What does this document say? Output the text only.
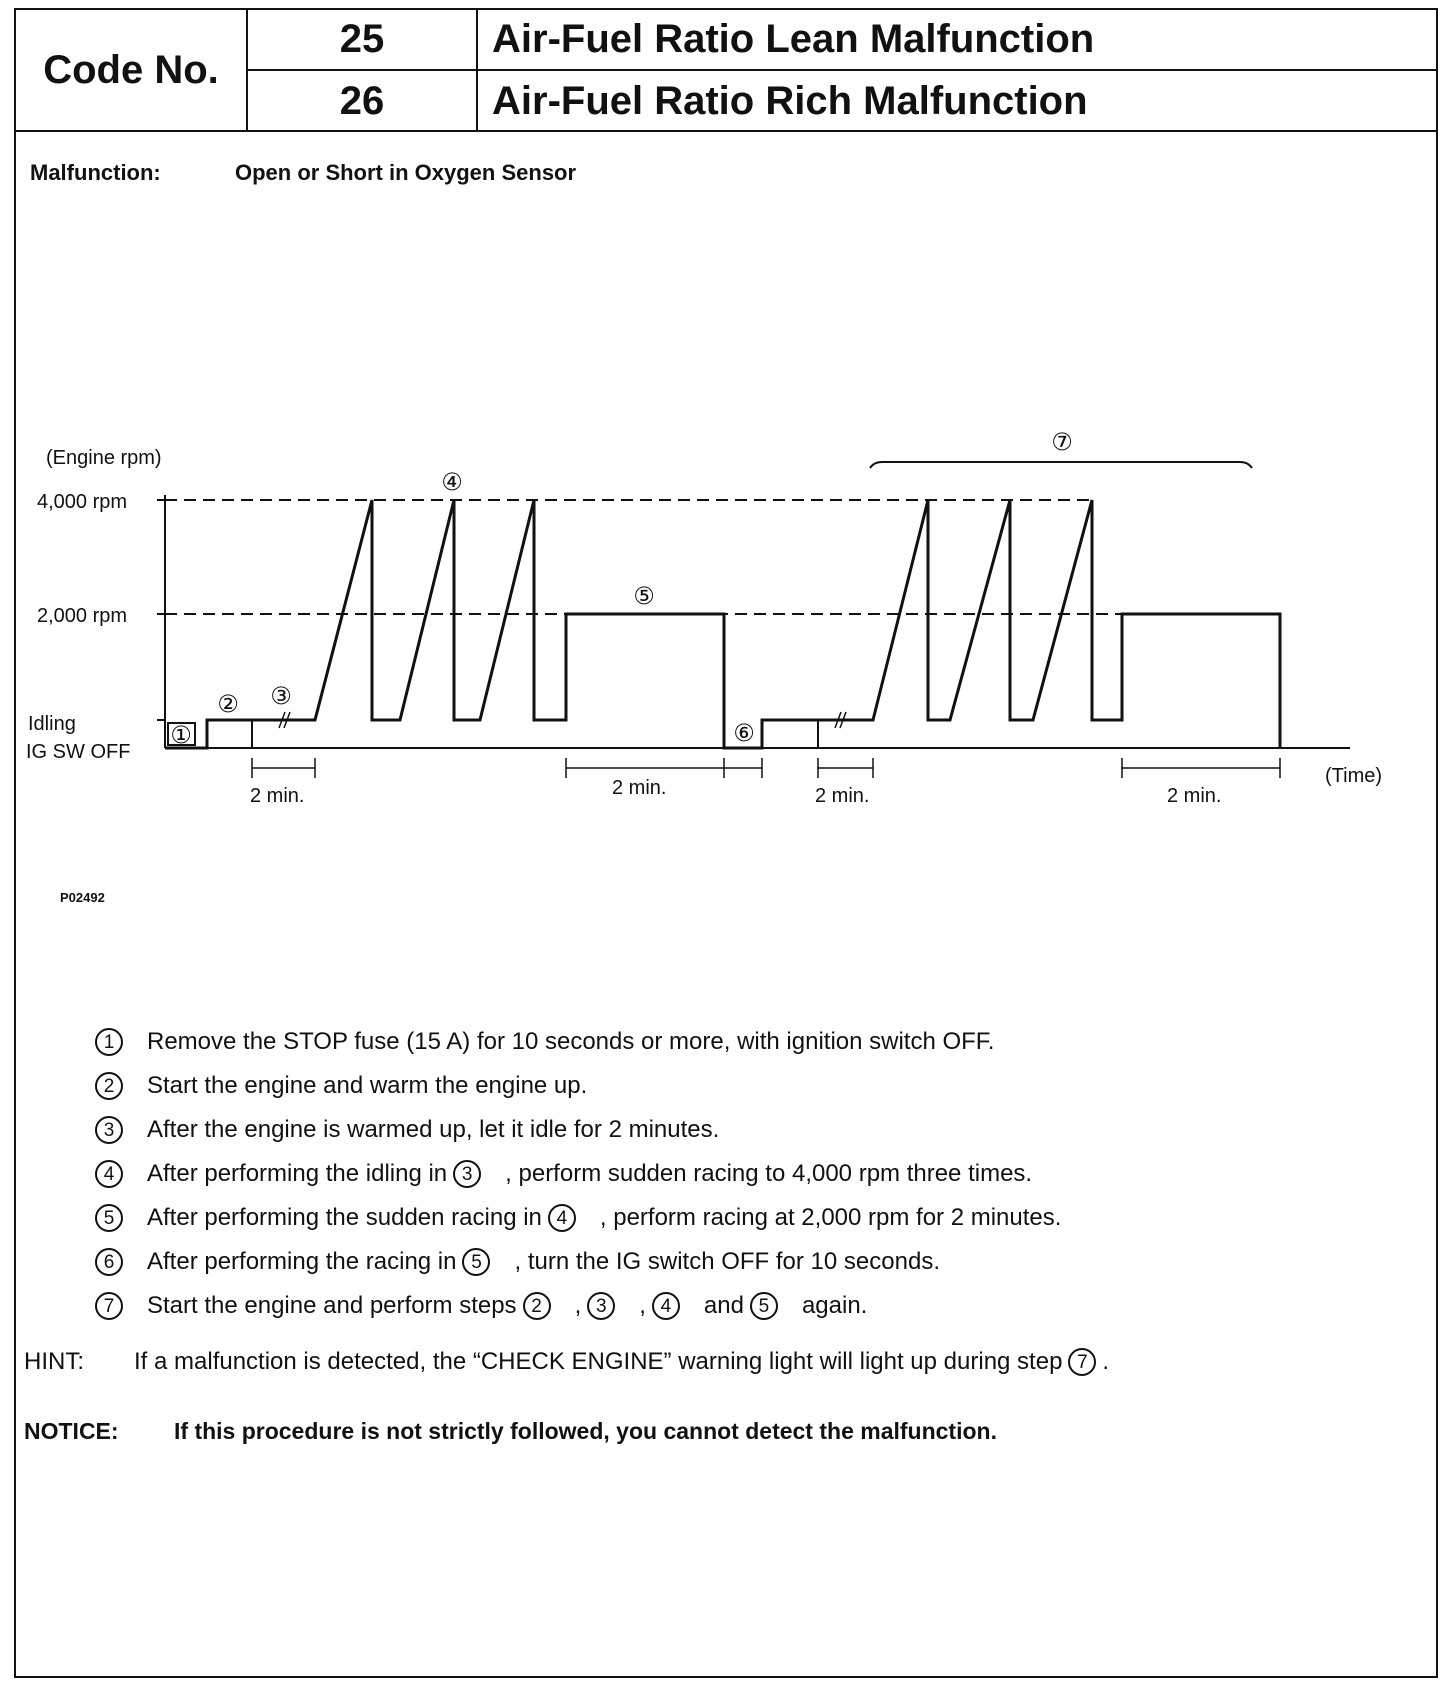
Code No.
25	Air-Fuel Ratio Lean Malfunction
26	Air-Fuel Ratio Rich Malfunction
Malfunction:	Open or Short in Oxygen Sensor
(Engine rpm)
4,000 rpm
2,000 rpm
Idling
IG SW OFF
(Time)
2 min.	2 min.	2 min.	2 min.
①
② ③
④
⑤
⑥
⑦
P02492
1	Remove the STOP fuse (15 A) for 10 seconds or more, with ignition switch OFF.
2	Start the engine and warm the engine up.
3	After the engine is warmed up, let it idle for 2 minutes.
4	After performing the idling in 3	, perform sudden racing to 4,000 rpm three times.
5	After performing the sudden racing in 4	, perform racing at 2,000 rpm for 2 minutes.
6	After performing the racing in 5	, turn the IG switch OFF for 10 seconds.
7	Start the engine and perform steps 2	, 3	, 4	and 5	again.
HINT:	If a malfunction is detected, the “CHECK ENGINE” warning light will light up during step 7 .
NOTICE: If this procedure is not strictly followed, you cannot detect the malfunction.
